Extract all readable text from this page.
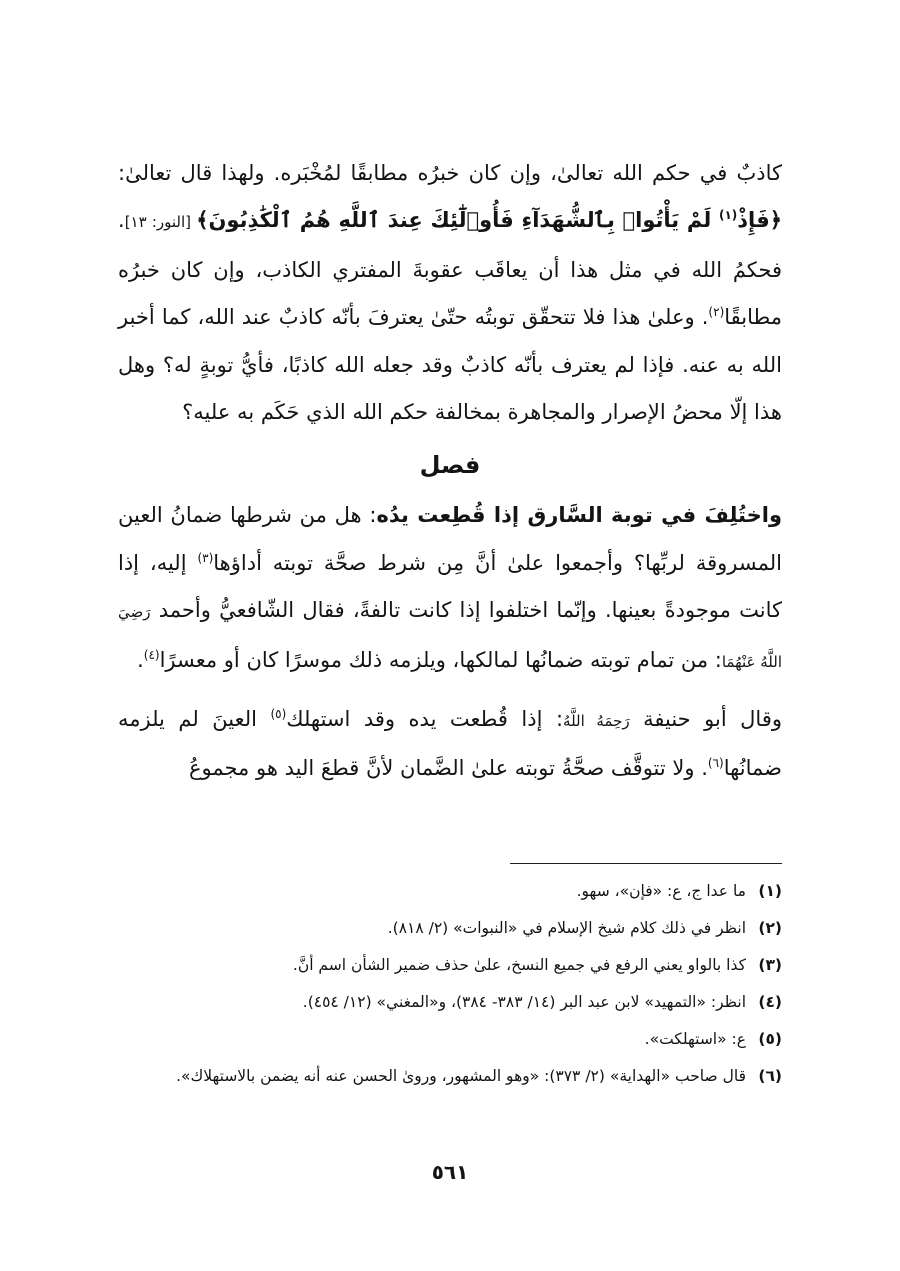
كاذبٌ في حكم الله تعالىٰ، وإن كان خبرُه مطابقًا لمُخْبَره. ولهذا قال تعالىٰ: ﴿فَإِذْ$^{(١)}$ لَمْ يَأْتُوا۟ بِٱلشُّهَدَآءِ فَأُو۟لَٰٓئِكَ عِندَ ٱللَّهِ هُمُ ٱلْكَٰذِبُونَ﴾ [النور: ١٣]. فحكمُ الله في مثل هذا أن يعاقَب عقوبةَ المفتري الكاذب، وإن كان خبرُه مطابقًا$^{(٢)}$. وعلىٰ هذا فلا تتحقّق توبتُه حتّىٰ يعترفَ بأنّه كاذبٌ عند الله، كما أخبر الله به عنه. فإذا لم يعترف بأنّه كاذبٌ وقد جعله الله كاذبًا، فأيُّ توبةٍ له؟ وهل هذا إلّا محضُ الإصرار والمجاهرة بمخالفة حكم الله الذي حَكَم به عليه؟

فصل

واختُلِفَ في توبة السَّارق إذا قُطِعت يدُه: هل من شرطها ضمانُ العين المسروقة لربِّها؟ وأجمعوا علىٰ أنَّ مِن شرط صحَّة توبته أداؤها$^{(٣)}$ إليه، إذا كانت موجودةً بعينها. وإنّما اختلفوا إذا كانت تالفةً، فقال الشّافعيُّ وأحمد رَضِيَ اللَّهُ عَنْهُمَا: من تمام توبته ضمانُها لمالكها، ويلزمه ذلك موسرًا كان أو معسرًا$^{(٤)}$.

وقال أبو حنيفة رَحِمَهُ اللَّهُ: إذا قُطعت يده وقد استهلك$^{(٥)}$ العينَ لم يلزمه ضمانُها$^{(٦)}$. ولا تتوقَّف صحَّةُ توبته علىٰ الضَّمان لأنَّ قطعَ اليد هو مجموعُ

(١)
ما عدا ج، ع: «فإن»، سهو.
(٢)
انظر في ذلك كلام شيخ الإسلام في «النبوات» (٢/ ٨١٨).
(٣)
كذا بالواو يعني الرفع في جميع النسخ، علىٰ حذف ضمير الشأن اسم أنَّ.
(٤)
انظر: «التمهيد» لابن عبد البر (١٤/ ٣٨٣- ٣٨٤)، و«المغني» (١٢/ ٤٥٤).
(٥)
ع: «استهلكت».
(٦)
قال صاحب «الهداية» (٢/ ٣٧٣): «وهو المشهور، وروىٰ الحسن عنه أنه يضمن بالاستهلاك».
٥٦١
